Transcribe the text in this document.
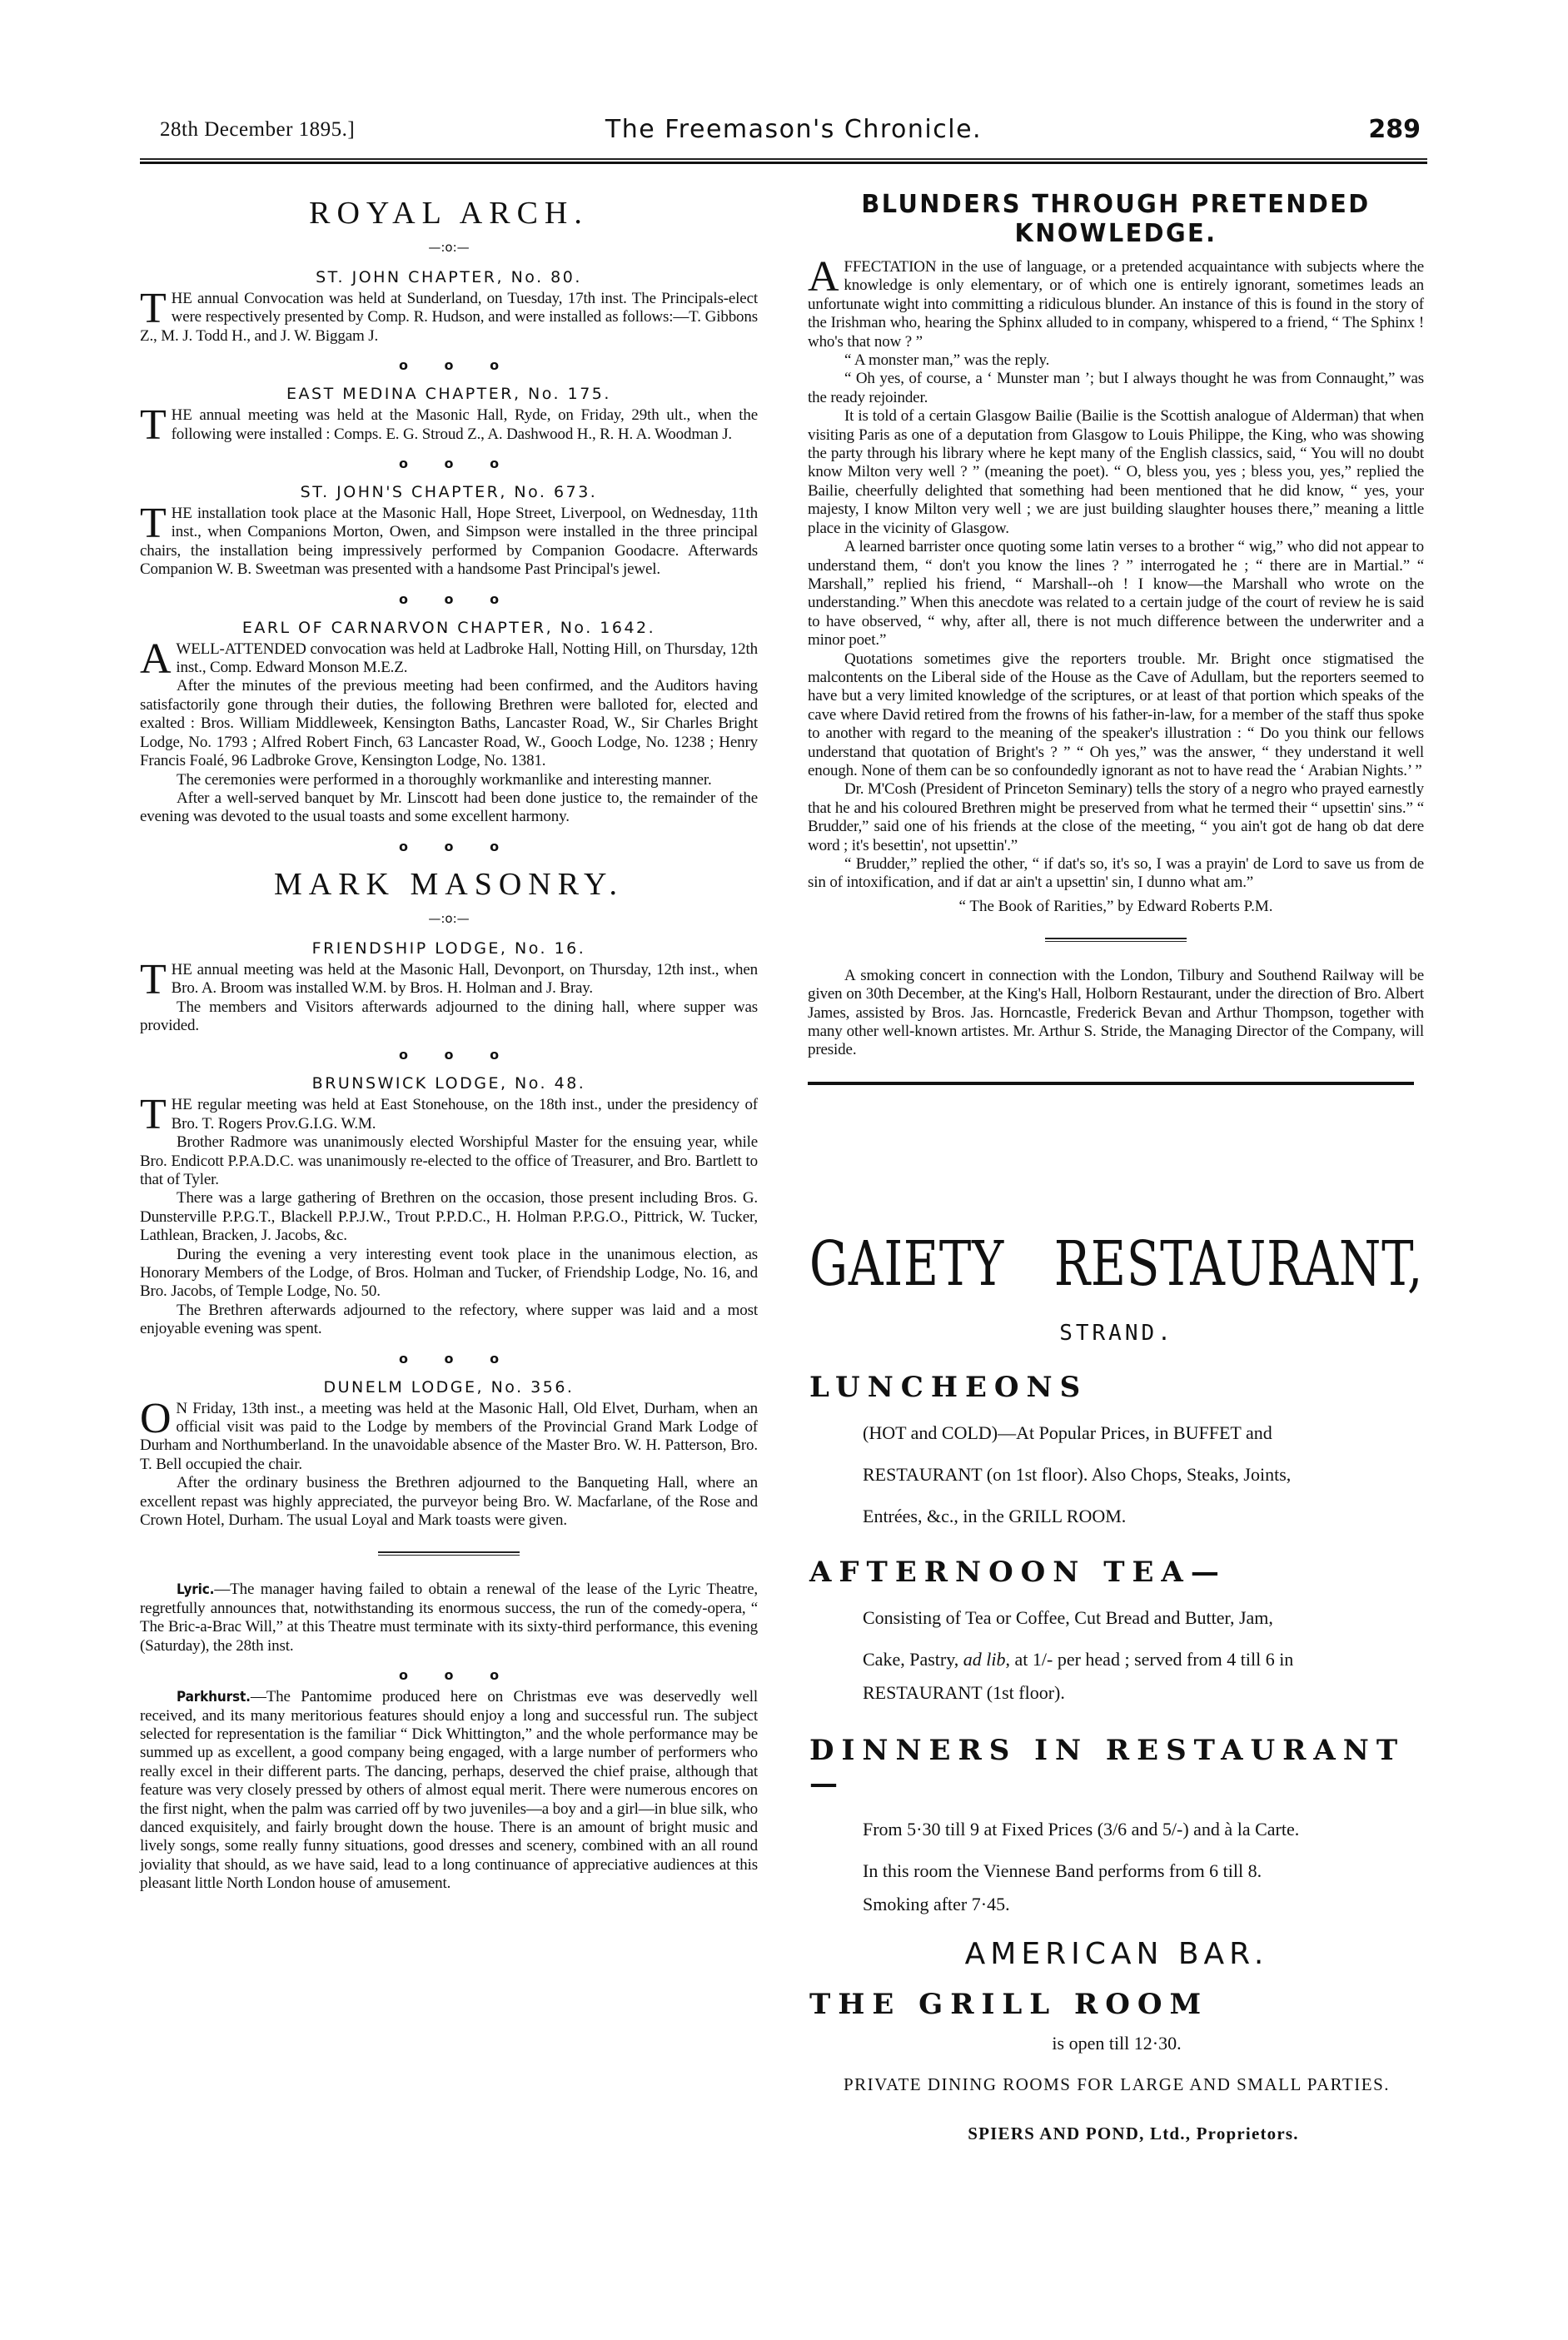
28th December 1895.]	The Freemason's Chronicle.	289
ROYAL ARCH.
—:o:—
ST. JOHN CHAPTER, No. 80.

THE annual Convocation was held at Sunderland, on Tuesday, 17th inst. The Principals-elect were respectively presented by Comp. R. Hudson, and were installed as follows:—T. Gibbons Z., M. J. Todd H., and J. W. Biggam J.

o o o
EAST MEDINA CHAPTER, No. 175.

THE annual meeting was held at the Masonic Hall, Ryde, on Friday, 29th ult., when the following were installed : Comps. E. G. Stroud Z., A. Dashwood H., R. H. A. Woodman J.

o o o
ST. JOHN'S CHAPTER, No. 673.

THE installation took place at the Masonic Hall, Hope Street, Liverpool, on Wednesday, 11th inst., when Companions Morton, Owen, and Simpson were installed in the three principal chairs, the installation being impressively performed by Companion Goodacre. Afterwards Companion W. B. Sweetman was presented with a handsome Past Principal's jewel.

o o o
EARL OF CARNARVON CHAPTER, No. 1642.

AWELL-ATTENDED convocation was held at Ladbroke Hall, Notting Hill, on Thursday, 12th inst., Comp. Edward Monson M.E.Z.

After the minutes of the previous meeting had been confirmed, and the Auditors having satisfactorily gone through their duties, the following Brethren were balloted for, elected and exalted : Bros. William Middleweek, Kensington Baths, Lancaster Road, W., Sir Charles Bright Lodge, No. 1793 ; Alfred Robert Finch, 63 Lancaster Road, W., Gooch Lodge, No. 1238 ; Henry Francis Foalé, 96 Ladbroke Grove, Kensington Lodge, No. 1381.

The ceremonies were performed in a thoroughly workmanlike and interesting manner.

After a well-served banquet by Mr. Linscott had been done justice to, the remainder of the evening was devoted to the usual toasts and some excellent harmony.

o o o
MARK MASONRY.
—:o:—
FRIENDSHIP LODGE, No. 16.

THE annual meeting was held at the Masonic Hall, Devonport, on Thursday, 12th inst., when Bro. A. Broom was installed W.M. by Bros. H. Holman and J. Bray.

The members and Visitors afterwards adjourned to the dining hall, where supper was provided.

o o o
BRUNSWICK LODGE, No. 48.

THE regular meeting was held at East Stonehouse, on the 18th inst., under the presidency of Bro. T. Rogers Prov.G.I.G. W.M.

Brother Radmore was unanimously elected Worshipful Master for the ensuing year, while Bro. Endicott P.P.A.D.C. was unanimously re-elected to the office of Treasurer, and Bro. Bartlett to that of Tyler.

There was a large gathering of Brethren on the occasion, those present including Bros. G. Dunsterville P.P.G.T., Blackell P.P.J.W., Trout P.P.D.C., H. Holman P.P.G.O., Pittrick, W. Tucker, Lathlean, Bracken, J. Jacobs, &c.

During the evening a very interesting event took place in the unanimous election, as Honorary Members of the Lodge, of Bros. Holman and Tucker, of Friendship Lodge, No. 16, and Bro. Jacobs, of Temple Lodge, No. 50.

The Brethren afterwards adjourned to the refectory, where supper was laid and a most enjoyable evening was spent.

o o o
DUNELM LODGE, No. 356.

ON Friday, 13th inst., a meeting was held at the Masonic Hall, Old Elvet, Durham, when an official visit was paid to the Lodge by members of the Provincial Grand Mark Lodge of Durham and Northumberland. In the unavoidable absence of the Master Bro. W. H. Patterson, Bro. T. Bell occupied the chair.

After the ordinary business the Brethren adjourned to the Banqueting Hall, where an excellent repast was highly appreciated, the purveyor being Bro. W. Macfarlane, of the Rose and Crown Hotel, Durham. The usual Loyal and Mark toasts were given.

Lyric.—The manager having failed to obtain a renewal of the lease of the Lyric Theatre, regretfully announces that, notwithstanding its enormous success, the run of the comedy-opera, “ The Bric-a-Brac Will,” at this Theatre must terminate with its sixty-third performance, this evening (Saturday), the 28th inst.

o o o

Parkhurst.—The Pantomime produced here on Christmas eve was deservedly well received, and its many meritorious features should enjoy a long and successful run. The subject selected for representation is the familiar “ Dick Whittington,” and the whole performance may be summed up as excellent, a good company being engaged, with a large number of performers who really excel in their different parts. The dancing, perhaps, deserved the chief praise, although that feature was very closely pressed by others of almost equal merit. There were numerous encores on the first night, when the palm was carried off by two juveniles—a boy and a girl—in blue silk, who danced exquisitely, and fairly brought down the house. There is an amount of bright music and lively songs, some really funny situations, good dresses and scenery, combined with an all round joviality that should, as we have said, lead to a long continuance of appreciative audiences at this pleasant little North London house of amusement.

BLUNDERS THROUGH PRETENDED KNOWLEDGE.

AFFECTATION in the use of language, or a pretended acquaintance with subjects where the knowledge is only elementary, or of which one is entirely ignorant, sometimes leads an unfortunate wight into committing a ridiculous blunder. An instance of this is found in the story of the Irishman who, hearing the Sphinx alluded to in company, whispered to a friend, “ The Sphinx ! who's that now ? ”

“ A monster man,” was the reply.

“ Oh yes, of course, a ‘ Munster man ’; but I always thought he was from Connaught,” was the ready rejoinder.

It is told of a certain Glasgow Bailie (Bailie is the Scottish analogue of Alderman) that when visiting Paris as one of a deputation from Glasgow to Louis Philippe, the King, who was showing the party through his library where he kept many of the English classics, said, “ You will no doubt know Milton very well ? ” (meaning the poet). “ O, bless you, yes ; bless you, yes,” replied the Bailie, cheerfully delighted that something had been mentioned that he did know, “ yes, your majesty, I know Milton very well ; we are just building slaughter houses there,” meaning a little place in the vicinity of Glasgow.

A learned barrister once quoting some latin verses to a brother “ wig,” who did not appear to understand them, “ don't you know the lines ? ” interrogated he ; “ there are in Martial.” “ Marshall,” replied his friend, “ Marshall--oh ! I know—the Marshall who wrote on the understanding.” When this anecdote was related to a certain judge of the court of review he is said to have observed, “ why, after all, there is not much difference between the underwriter and a minor poet.”

Quotations sometimes give the reporters trouble. Mr. Bright once stigmatised the malcontents on the Liberal side of the House as the Cave of Adullam, but the reporters seemed to have but a very limited knowledge of the scriptures, or at least of that portion which speaks of the cave where David retired from the frowns of his father-in-law, for a member of the staff thus spoke to another with regard to the meaning of the speaker's illustration : “ Do you think our fellows understand that quotation of Bright's ? ” “ Oh yes,” was the answer, “ they understand it well enough. None of them can be so confoundedly ignorant as not to have read the ‘ Arabian Nights.’ ”

Dr. M'Cosh (President of Princeton Seminary) tells the story of a negro who prayed earnestly that he and his coloured Brethren might be preserved from what he termed their “ upsettin' sins.” “ Brudder,” said one of his friends at the close of the meeting, “ you ain't got de hang ob dat dere word ; it's besettin', not upsettin'.”

“ Brudder,” replied the other, “ if dat's so, it's so, I was a prayin' de Lord to save us from de sin of intoxification, and if dat ar ain't a upsettin' sin, I dunno what am.”

“ The Book of Rarities,” by Edward Roberts P.M.

A smoking concert in connection with the London, Tilbury and Southend Railway will be given on 30th December, at the King's Hall, Holborn Restaurant, under the direction of Bro. Albert James, assisted by Bros. Jas. Horncastle, Frederick Bevan and Arthur Thompson, together with many other well-known artistes. Mr. Arthur S. Stride, the Managing Director of the Company, will preside.

GAIETY RESTAURANT,
STRAND.
LUNCHEONS
(HOT and COLD)—At Popular Prices, in BUFFET and
RESTAURANT (on 1st floor). Also Chops, Steaks, Joints,
Entrées, &c., in the GRILL ROOM.
AFTERNOON TEA—
Consisting of Tea or Coffee, Cut Bread and Butter, Jam,
Cake, Pastry, ad lib, at 1/- per head ; served from 4 till 6 in
RESTAURANT (1st floor).
DINNERS IN RESTAURANT—
From 5·30 till 9 at Fixed Prices (3/6 and 5/-) and à la Carte.
In this room the Viennese Band performs from 6 till 8.
Smoking after 7·45.
AMERICAN BAR.
THE GRILL ROOM
is open till 12·30.
PRIVATE DINING ROOMS FOR LARGE AND SMALL PARTIES.
SPIERS AND POND, Ltd., Proprietors.
